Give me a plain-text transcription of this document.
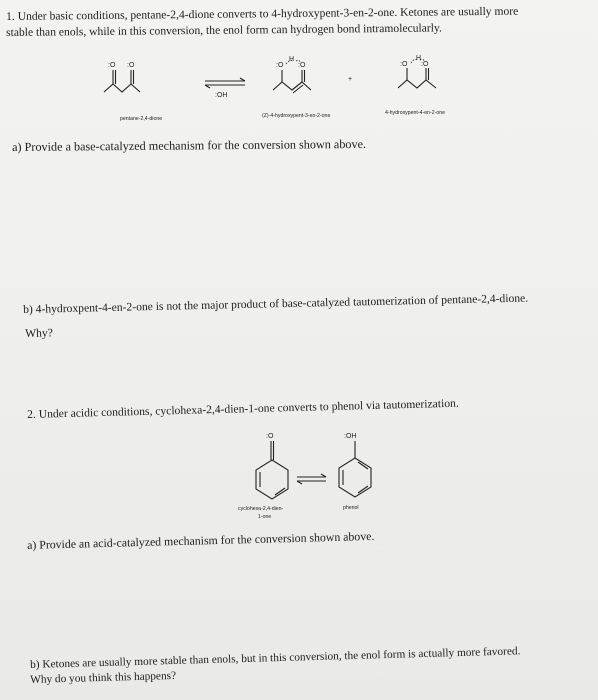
1. Under basic conditions, pentane-2,4-dione converts to 4-hydroxypent-3-en-2-one. Ketones are usually more
stable than enols, while in this conversion, the enol form can hydrogen bond intramolecularly.
:O :O
:OH
:O :O
H
+
:O :O
H
pentane-2,4-dione	(Z)-4-hydroxypent-3-en-2-one	4-hydroxypent-4-en-2-one
a) Provide a base-catalyzed mechanism for the conversion shown above.
b) 4-hydroxpent-4-en-2-one is not the major product of base-catalyzed tautomerization of pentane-2,4-dione.
Why?
2. Under acidic conditions, cyclohexa-2,4-dien-1-one converts to phenol via tautomerization.
:O	:OH
cyclohexa-2,4-dien-
1-one
phenol
a) Provide an acid-catalyzed mechanism for the conversion shown above.
b) Ketones are usually more stable than enols, but in this conversion, the enol form is actually more favored.
Why do you think this happens?
